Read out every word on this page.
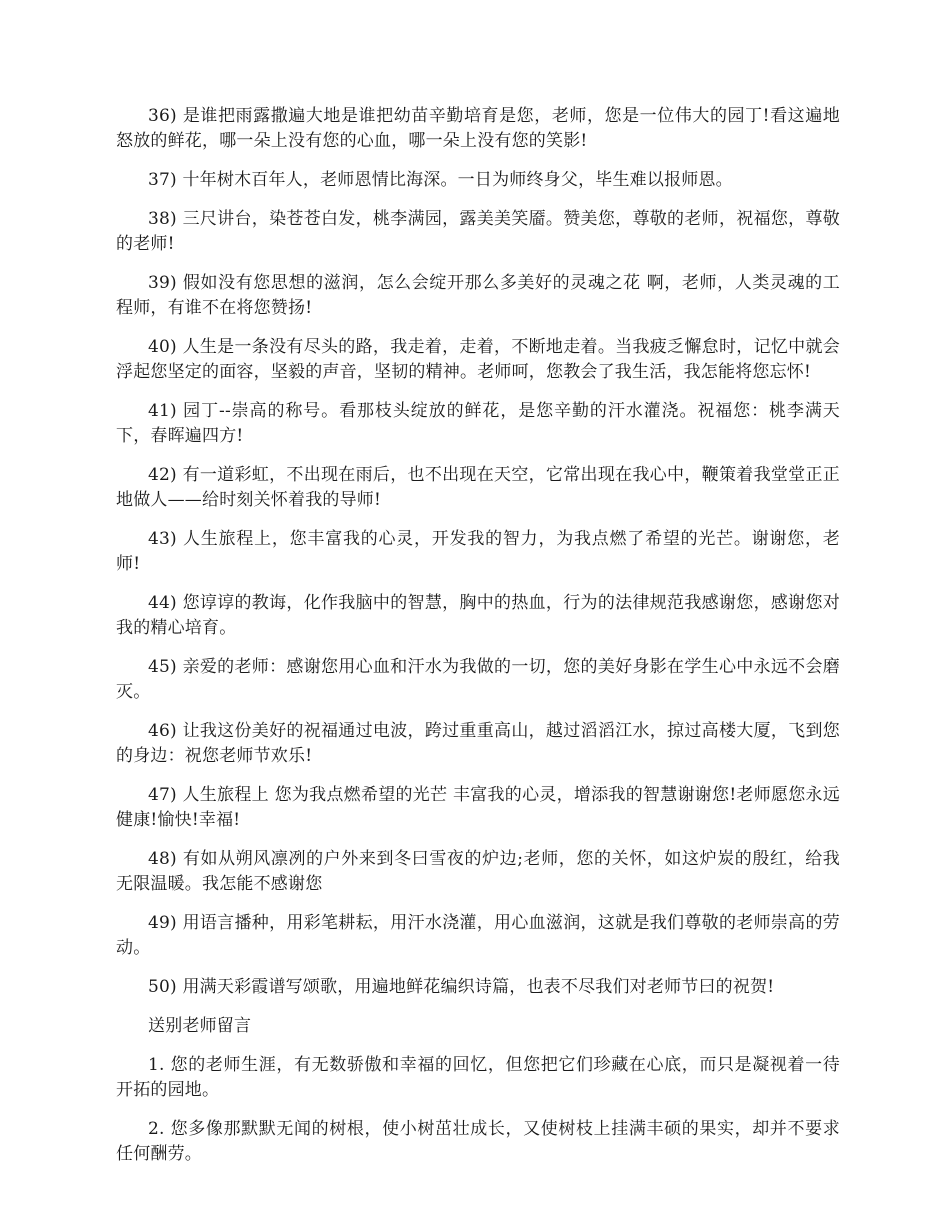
36) 是谁把雨露撒遍大地是谁把幼苗辛勤培育是您，老师，您是一位伟大的园丁!看这遍地怒放的鲜花，哪一朵上没有您的心血，哪一朵上没有您的笑影!

37) 十年树木百年人，老师恩情比海深。一日为师终身父，毕生难以报师恩。

38) 三尺讲台，染苍苍白发，桃李满园，露美美笑靥。赞美您，尊敬的老师，祝福您，尊敬的老师!

39) 假如没有您思想的滋润，怎么会绽开那么多美好的灵魂之花 啊，老师，人类灵魂的工程师，有谁不在将您赞扬!

40) 人生是一条没有尽头的路，我走着，走着，不断地走着。当我疲乏懈怠时，记忆中就会浮起您坚定的面容，坚毅的声音，坚韧的精神。老师呵，您教会了我生活，我怎能将您忘怀!

41) 园丁--崇高的称号。看那枝头绽放的鲜花，是您辛勤的汗水灌浇。祝福您：桃李满天下，春晖遍四方!

42) 有一道彩虹，不出现在雨后，也不出现在天空，它常出现在我心中，鞭策着我堂堂正正地做人——给时刻关怀着我的导师!

43) 人生旅程上，您丰富我的心灵，开发我的智力，为我点燃了希望的光芒。谢谢您，老师!

44) 您谆谆的教诲，化作我脑中的智慧，胸中的热血，行为的法律规范我感谢您，感谢您对我的精心培育。

45) 亲爱的老师：感谢您用心血和汗水为我做的一切，您的美好身影在学生心中永远不会磨灭。

46) 让我这份美好的祝福通过电波，跨过重重高山，越过滔滔江水，掠过高楼大厦，飞到您的身边：祝您老师节欢乐!

47) 人生旅程上 您为我点燃希望的光芒 丰富我的心灵，增添我的智慧谢谢您!老师愿您永远健康!愉快!幸福!

48) 有如从朔风凛冽的户外来到冬曰雪夜的炉边;老师，您的关怀，如这炉炭的殷红，给我无限温暖。我怎能不感谢您

49) 用语言播种，用彩笔耕耘，用汗水浇灌，用心血滋润，这就是我们尊敬的老师崇高的劳动。

50) 用满天彩霞谱写颂歌，用遍地鲜花编织诗篇，也表不尽我们对老师节曰的祝贺!

送别老师留言

1. 您的老师生涯，有无数骄傲和幸福的回忆，但您把它们珍藏在心底，而只是凝视着一待开拓的园地。

2. 您多像那默默无闻的树根，使小树茁壮成长，又使树枝上挂满丰硕的果实，却并不要求任何酬劳。
